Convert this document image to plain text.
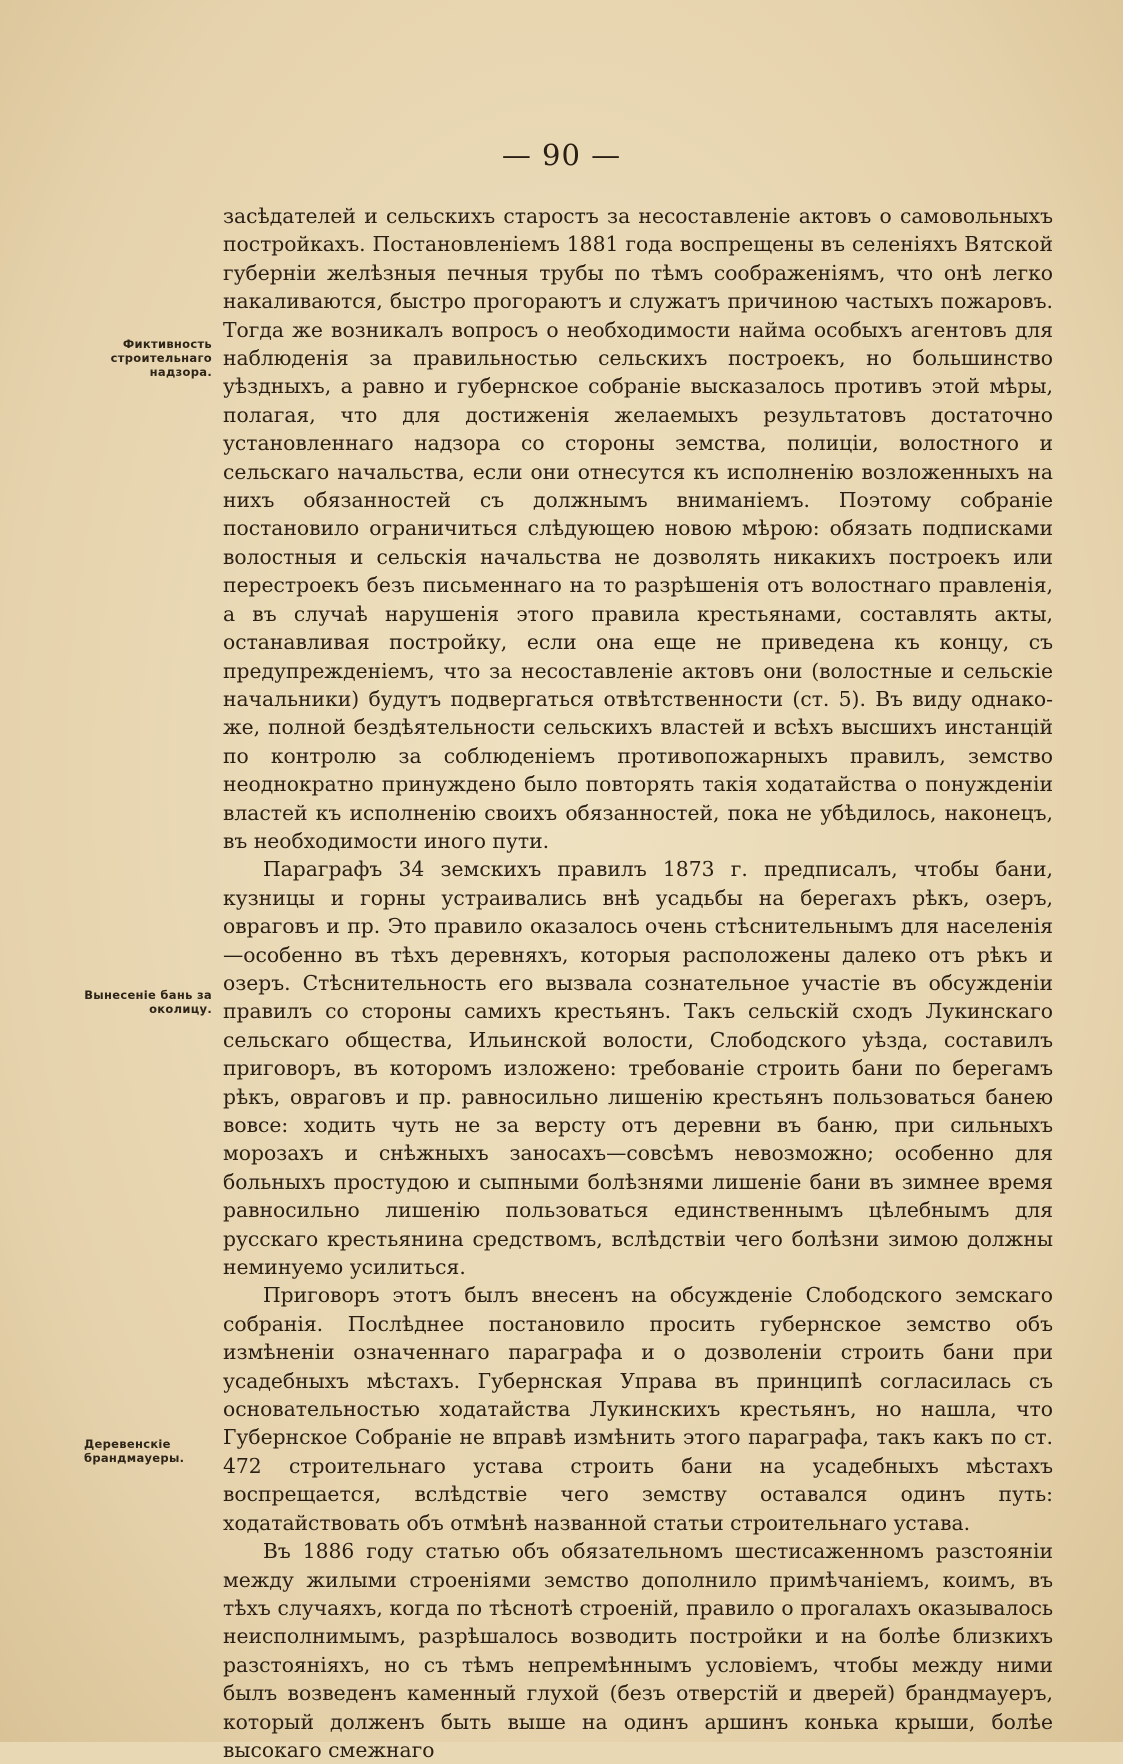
— 90 —
Фиктивность строительнаго надзора.
Вынесеніе бань за околицу.
Деревенскіе брандмауеры.

засѣдателей и сельскихъ старостъ за несоставленіе актовъ о самовольныхъ постройкахъ. Постановленіемъ 1881 года воспрещены въ селеніяхъ Вятской губерніи желѣзныя печныя трубы по тѣмъ соображеніямъ, что онѣ легко накаливаются, быстро прогораютъ и служатъ причиною частыхъ пожаровъ. Тогда же возникалъ вопросъ о необходимости найма особыхъ агентовъ для наблюденія за правильностью сельскихъ построекъ, но большинство уѣздныхъ, а равно и губернское собраніе высказалось противъ этой мѣры, полагая, что для достиженія желаемыхъ результатовъ достаточно установленнаго надзора со стороны земства, полиціи, волостного и сельскаго начальства, если они отнесутся къ исполненію возложенныхъ на нихъ обязанностей съ должнымъ вниманіемъ. Поэтому собраніе постановило ограничиться слѣдующею новою мѣрою: обязать подписками волостныя и сельскія начальства не дозволять никакихъ построекъ или перестроекъ безъ письменнаго на то разрѣшенія отъ волостнаго правленія, а въ случаѣ нарушенія этого правила крестьянами, составлять акты, останавливая постройку, если она еще не приведена къ концу, съ предупрежденіемъ, что за несоставленіе актовъ они (волостные и сельскіе начальники) будутъ подвергаться отвѣтственности (ст. 5). Въ виду однако-же, полной бездѣятельности сельскихъ властей и всѣхъ высшихъ инстанцій по контролю за соблюденіемъ противопожарныхъ правилъ, земство неоднократно принуждено было повторять такія ходатайства о понужденіи властей къ исполненію своихъ обязанностей, пока не убѣдилось, наконецъ, въ необходимости иного пути.

Параграфъ 34 земскихъ правилъ 1873 г. предписалъ, чтобы бани, кузницы и горны устраивались внѣ усадьбы на берегахъ рѣкъ, озеръ, овраговъ и пр. Это правило оказалось очень стѣснительнымъ для населенія—особенно въ тѣхъ деревняхъ, которыя расположены далеко отъ рѣкъ и озеръ. Стѣснительность его вызвала сознательное участіе въ обсужденіи правилъ со стороны самихъ крестьянъ. Такъ сельскій сходъ Лукинскаго сельскаго общества, Ильинской волости, Слободского уѣзда, составилъ приговоръ, въ которомъ изложено: требованіе строить бани по берегамъ рѣкъ, овраговъ и пр. равносильно лишенію крестьянъ пользоваться банею вовсе: ходить чуть не за версту отъ деревни въ баню, при сильныхъ морозахъ и снѣжныхъ заносахъ—совсѣмъ невозможно; особенно для больныхъ простудою и сыпными болѣзнями лишеніе бани въ зимнее время равносильно лишенію пользоваться единственнымъ цѣлебнымъ для русскаго крестьянина средствомъ, вслѣдствіи чего болѣзни зимою должны неминуемо усилиться.

Приговоръ этотъ былъ внесенъ на обсужденіе Слободского земскаго собранія. Послѣднее постановило просить губернское земство объ измѣненіи означеннаго параграфа и о дозволеніи строить бани при усадебныхъ мѣстахъ. Губернская Управа въ принципѣ согласилась съ основательностью ходатайства Лукинскихъ крестьянъ, но нашла, что Губернское Собраніе не вправѣ измѣнить этого параграфа, такъ какъ по ст. 472 строительнаго устава строить бани на усадебныхъ мѣстахъ воспрещается, вслѣдствіе чего земству оставался одинъ путь: ходатайствовать объ отмѣнѣ названной статьи строительнаго устава.

Въ 1886 году статью объ обязательномъ шестисаженномъ разстояніи между жилыми строеніями земство дополнило примѣчаніемъ, коимъ, въ тѣхъ случаяхъ, когда по тѣснотѣ строеній, правило о прогалахъ оказывалось неисполнимымъ, разрѣшалось возводить постройки и на болѣе близкихъ разстояніяхъ, но съ тѣмъ непремѣннымъ условіемъ, чтобы между ними былъ возведенъ каменный глухой (безъ отверстій и дверей) брандмауеръ, который долженъ быть выше на одинъ аршинъ конька крыши, болѣе высокаго смежнаго
